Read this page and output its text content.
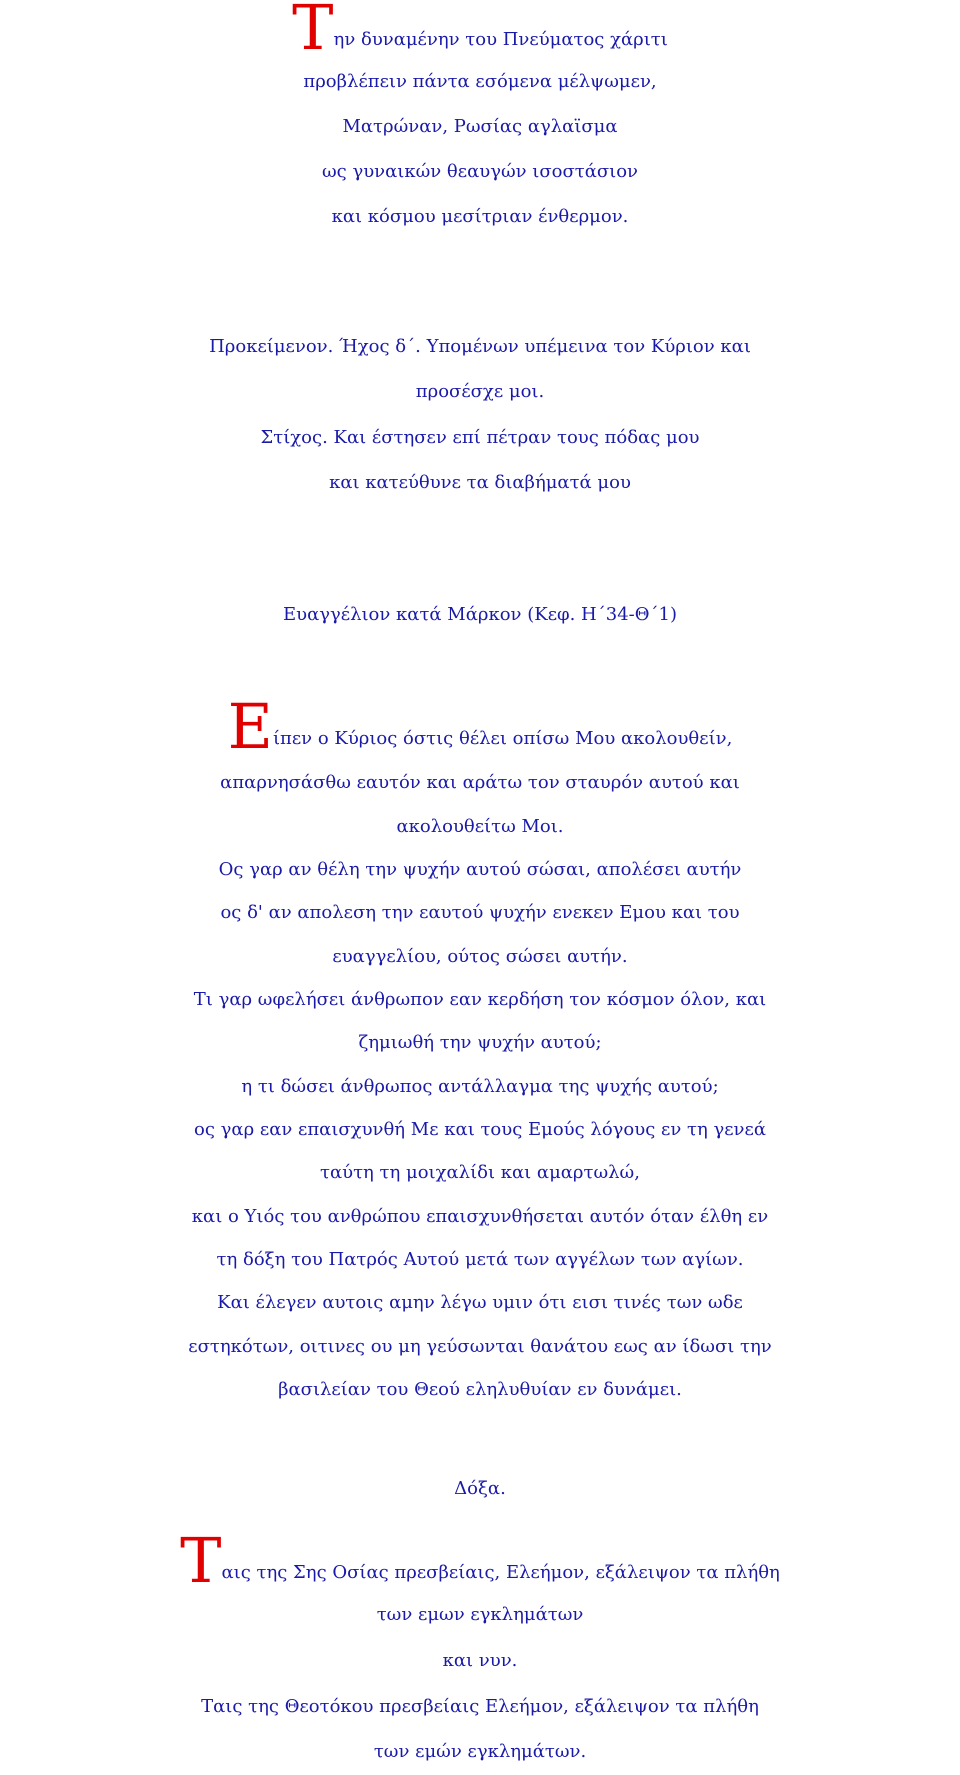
Την δυναμένην του Πνεύματος χάριτι
προβλέπειν πάντα εσόμενα μέλψωμεν,
Ματρώναν, Ρωσίας αγλαϊσμα
ως γυναικών θεαυγών ισοστάσιον
και κόσμου μεσίτριαν ένθερμον.
Προκείμενον. Ήχος δ΄. Υπομένων υπέμεινα τον Κύριον και
προσέσχε μοι.
Στίχος. Και έστησεν επί πέτραν τους πόδας μου
και κατεύθυνε τα διαβήματά μου
Ευαγγέλιον κατά Μάρκον (Κεφ. Η΄34-Θ΄1)
Είπεν ο Κύριος όστις θέλει οπίσω Μου ακολουθείν,
απαρνησάσθω εαυτόν και αράτω τον σταυρόν αυτού και
ακολουθείτω Μοι.
Ος γαρ αν θέλη την ψυχήν αυτού σώσαι, απολέσει αυτήν
ος δ' αν απολεση την εαυτού ψυχήν ενεκεν Εμου και του
ευαγγελίου, ούτος σώσει αυτήν.
Τι γαρ ωφελήσει άνθρωπον εαν κερδήση τον κόσμον όλον, και
ζημιωθή την ψυχήν αυτού;
η τι δώσει άνθρωπος αντάλλαγμα της ψυχής αυτού;
ος γαρ εαν επαισχυνθή Με και τους Εμούς λόγους εν τη γενεά
ταύτη τη μοιχαλίδι και αμαρτωλώ,
και ο Υιός του ανθρώπου επαισχυνθήσεται αυτόν όταν έλθη εν
τη δόξη του Πατρός Αυτού μετά των αγγέλων των αγίων.
Και έλεγεν αυτοις αμην λέγω υμιν ότι εισι τινές των ωδε
εστηκότων, οιτινες ου μη γεύσωνται θανάτου εως αν ίδωσι την
βασιλείαν του Θεού εληλυθυίαν εν δυνάμει.
Δόξα.
Ταις της Σης Οσίας πρεσβείαις, Ελεήμον, εξάλειψον τα πλήθη
των εμων εγκλημάτων
και νυν.
Ταις της Θεοτόκου πρεσβείαις Ελεήμον, εξάλειψον τα πλήθη
των εμών εγκλημάτων.
